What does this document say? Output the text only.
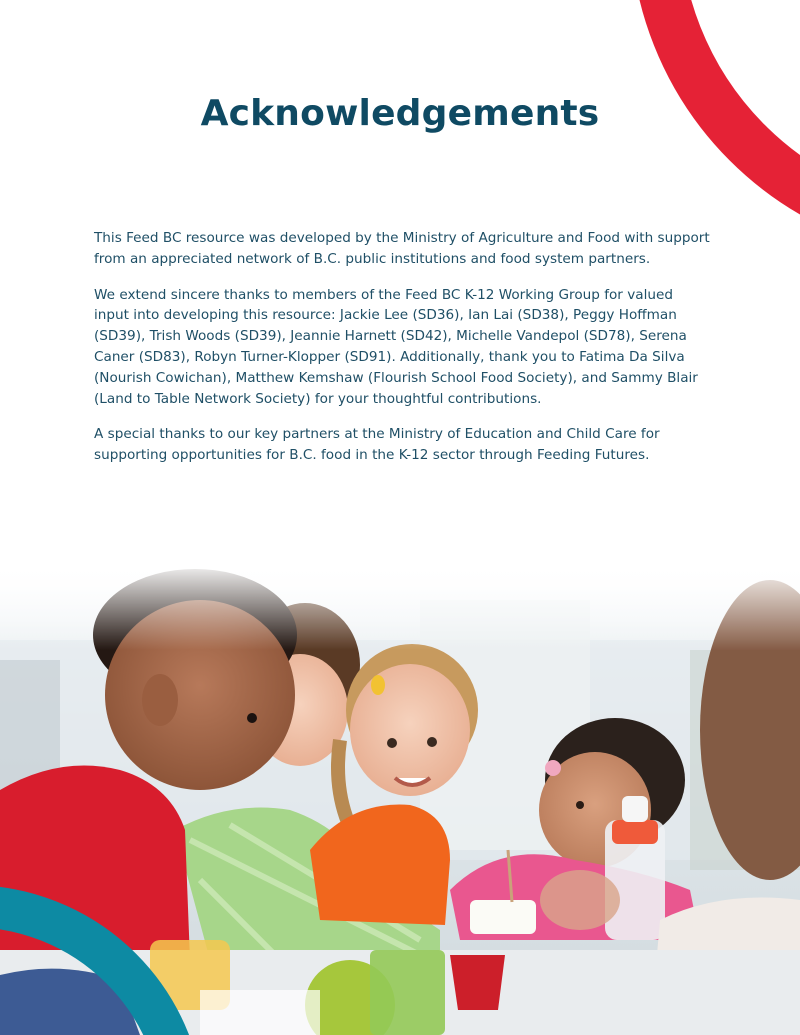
Acknowledgements

This Feed BC resource was developed by the Ministry of Agriculture and Food with support from an appreciated network of B.C. public institutions and food system partners.

We extend sincere thanks to members of the Feed BC K-12 Working Group for valued input into developing this resource: Jackie Lee (SD36), Ian Lai (SD38), Peggy Hoffman (SD39), Trish Woods (SD39), Jeannie Harnett (SD42), Michelle Vandepol (SD78), Serena Caner (SD83), Robyn Turner-Klopper (SD91). Additionally, thank you to Fatima Da Silva (Nourish Cowichan), Matthew Kemshaw (Flourish School Food Society), and Sammy Blair (Land to Table Network Society) for your thoughtful contributions.

A special thanks to our key partners at the Ministry of Education and Child Care for supporting opportunities for B.C. food in the K-12 sector through Feeding Futures.
